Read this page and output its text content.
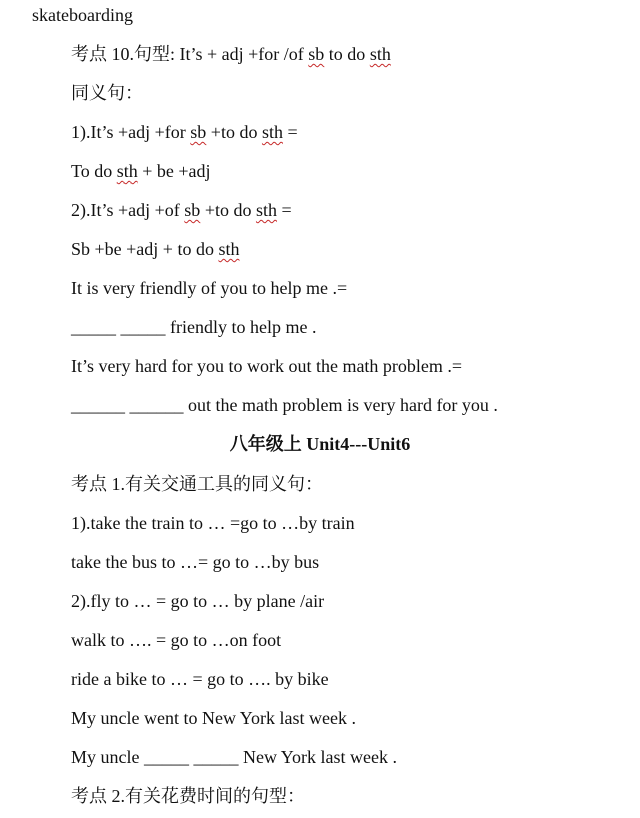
skateboarding
考点 10.句型: It’s + adj +for /of sb to do sth
同义句：
1).It’s +adj +for sb +to do sth =
To do sth + be +adj
2).It’s +adj +of sb +to do sth =
Sb +be +adj + to do sth
It is very friendly of you to help me .=
_____ _____ friendly to help me .
It’s very hard for you to work out the math problem .=
______ ______ out the math problem is very hard for you .
八年级上 Unit4---Unit6
考点 1.有关交通工具的同义句：
1).take the train to … =go to …by train
take the bus to …= go to …by bus
2).fly to … = go to … by plane /air
walk to …. = go to …on foot
ride a bike to … = go to …. by bike
My uncle went to New York last week .
My uncle _____ _____ New York last week .
考点 2.有关花费时间的句型：
